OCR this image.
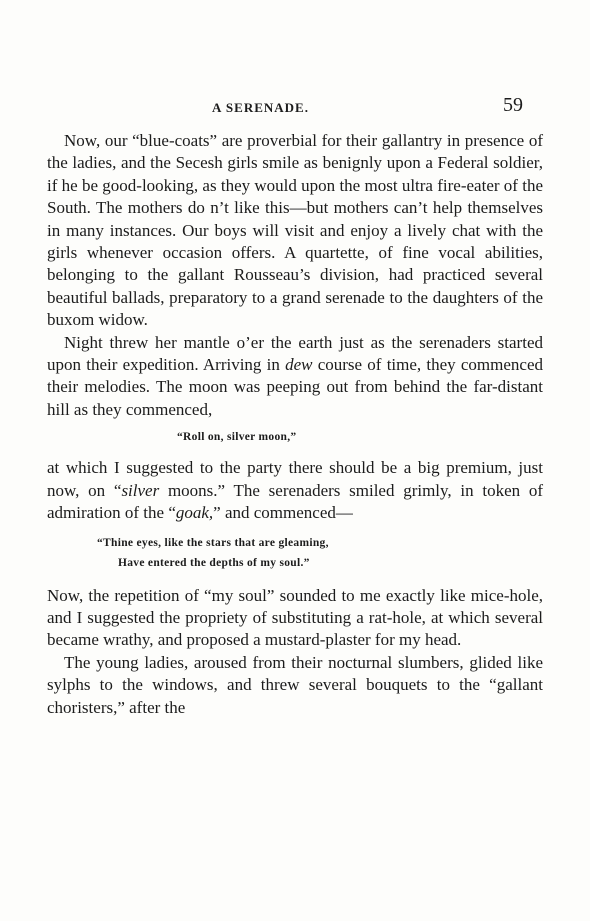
A SERENADE.	59

Now, our “blue-coats” are proverbial for their gallantry in presence of the ladies, and the Secesh girls smile as benignly upon a Federal soldier, if he be good-looking, as they would upon the most ultra fire-eater of the South. The mothers do n’t like this—but mothers can’t help themselves in many instances. Our boys will visit and enjoy a lively chat with the girls whenever occasion offers. A quartette, of fine vocal abilities, belonging to the gallant Rousseau’s division, had practiced several beautiful ballads, preparatory to a grand serenade to the daughters of the buxom widow.

Night threw her mantle o’er the earth just as the serenaders started upon their expedition. Arriving in dew course of time, they commenced their melodies. The moon was peeping out from behind the far-distant hill as they commenced,

“Roll on, silver moon,”

at which I suggested to the party there should be a big premium, just now, on “silver moons.” The serenaders smiled grimly, in token of admiration of the “goak,” and commenced—

“Thine eyes, like the stars that are gleaming,
Have entered the depths of my soul.”

Now, the repetition of “my soul” sounded to me exactly like mice-hole, and I suggested the propriety of substituting a rat-hole, at which several became wrathy, and proposed a mustard-plaster for my head.

The young ladies, aroused from their nocturnal slumbers, glided like sylphs to the windows, and threw several bouquets to the “gallant choristers,” after the
